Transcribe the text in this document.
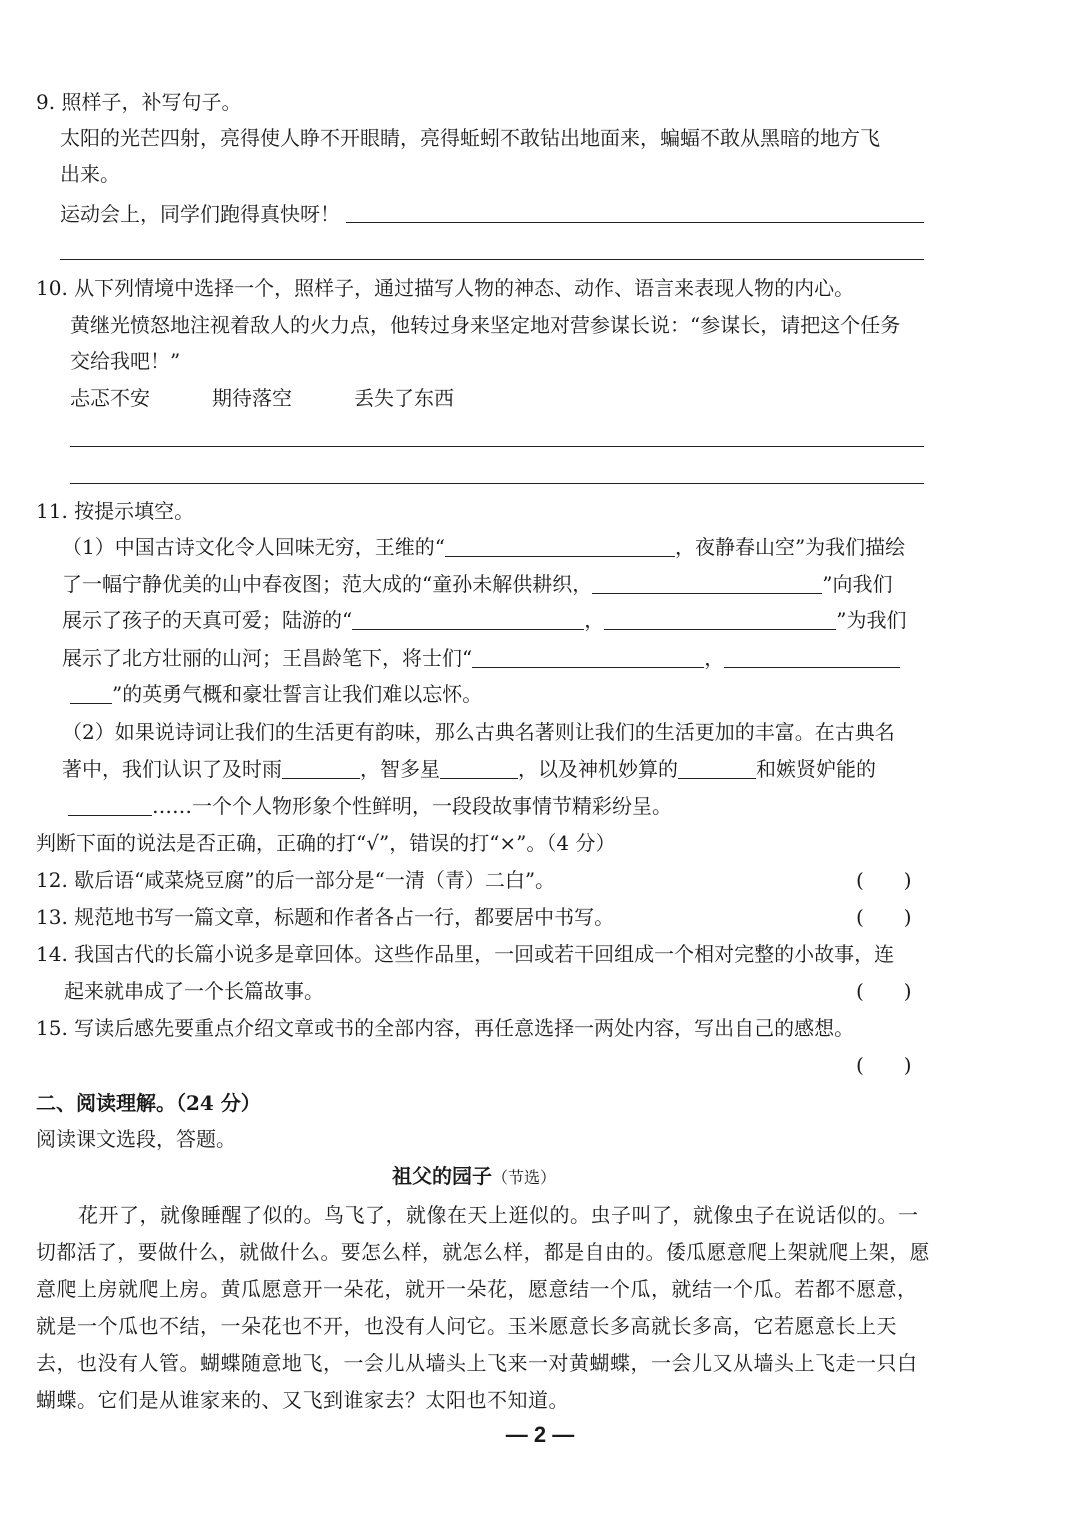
9. 照样子，补写句子。
太阳的光芒四射，亮得使人睁不开眼睛，亮得蚯蚓不敢钻出地面来，蝙蝠不敢从黑暗的地方飞
出来。
运动会上，同学们跑得真快呀！
10. 从下列情境中选择一个，照样子，通过描写人物的神态、动作、语言来表现人物的内心。
黄继光愤怒地注视着敌人的火力点，他转过身来坚定地对营参谋长说：“参谋长，请把这个任务
交给我吧！”
忐忑不安	期待落空	丢失了东西
11. 按提示填空。
（1）中国古诗文化令人回味无穷，王维的“	，夜静春山空”为我们描绘
了一幅宁静优美的山中春夜图；范大成的“童孙未解供耕织，	”向我们
展示了孩子的天真可爱；陆游的“	，	”为我们
展示了北方壮丽的山河；王昌龄笔下，将士们“	，
”的英勇气概和豪壮誓言让我们难以忘怀。
（2）如果说诗词让我们的生活更有韵味，那么古典名著则让我们的生活更加的丰富。在古典名
著中，我们认识了及时雨	，智多星	，以及神机妙算的	和嫉贤妒能的
……一个个人物形象个性鲜明，一段段故事情节精彩纷呈。
判断下面的说法是否正确，正确的打“√”，错误的打“×”。（4 分）
12. 歇后语“咸菜烧豆腐”的后一部分是“一清（青）二白”。	(　　)
13. 规范地书写一篇文章，标题和作者各占一行，都要居中书写。	(　　)
14. 我国古代的长篇小说多是章回体。这些作品里，一回或若干回组成一个相对完整的小故事，连
起来就串成了一个长篇故事。	(　　)
15. 写读后感先要重点介绍文章或书的全部内容，再任意选择一两处内容，写出自己的感想。
(　　)
二、阅读理解。（24 分）
阅读课文选段，答题。
祖父的园子（节选）
花开了，就像睡醒了似的。鸟飞了，就像在天上逛似的。虫子叫了，就像虫子在说话似的。一
切都活了，要做什么，就做什么。要怎么样，就怎么样，都是自由的。倭瓜愿意爬上架就爬上架，愿
意爬上房就爬上房。黄瓜愿意开一朵花，就开一朵花，愿意结一个瓜，就结一个瓜。若都不愿意，
就是一个瓜也不结，一朵花也不开，也没有人问它。玉米愿意长多高就长多高，它若愿意长上天
去，也没有人管。蝴蝶随意地飞，一会儿从墙头上飞来一对黄蝴蝶，一会儿又从墙头上飞走一只白
蝴蝶。它们是从谁家来的、又飞到谁家去？太阳也不知道。
— 2 —
